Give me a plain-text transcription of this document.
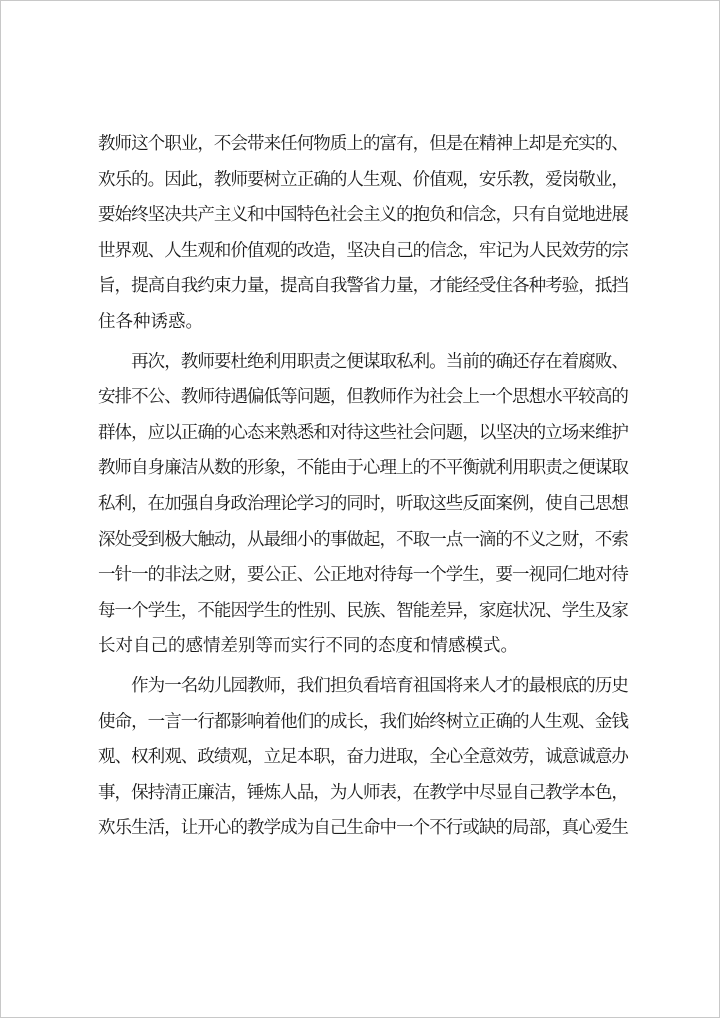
教师这个职业，不会带来任何物质上的富有，但是在精神上却是充实的、
欢乐的。因此，教师要树立正确的人生观、价值观，安乐教，爱岗敬业，
要始终坚决共产主义和中国特色社会主义的抱负和信念，只有自觉地进展
世界观、人生观和价值观的改造，坚决自己的信念，牢记为人民效劳的宗
旨，提高自我约束力量，提高自我警省力量，才能经受住各种考验，抵挡
住各种诱惑。
　　再次，教师要杜绝利用职责之便谋取私利。当前的确还存在着腐败、
安排不公、教师待遇偏低等问题，但教师作为社会上一个思想水平较高的
群体，应以正确的心态来熟悉和对待这些社会问题，以坚决的立场来维护
教师自身廉洁从数的形象，不能由于心理上的不平衡就利用职责之便谋取
私利，在加强自身政治理论学习的同时，听取这些反面案例，使自己思想
深处受到极大触动，从最细小的事做起，不取一点一滴的不义之财，不索
一针一的非法之财，要公正、公正地对待每一个学生，要一视同仁地对待
每一个学生，不能因学生的性别、民族、智能差异，家庭状况、学生及家
长对自己的感情差别等而实行不同的态度和情感模式。
　　作为一名幼儿园教师，我们担负看培育祖国将来人才的最根底的历史
使命，一言一行都影响着他们的成长，我们始终树立正确的人生观、金钱
观、权利观、政绩观，立足本职，奋力进取，全心全意效劳，诚意诚意办
事，保持清正廉洁，锤炼人品，为人师表，在教学中尽显自己教学本色，
欢乐生活，让开心的教学成为自己生命中一个不行或缺的局部，真心爱生
